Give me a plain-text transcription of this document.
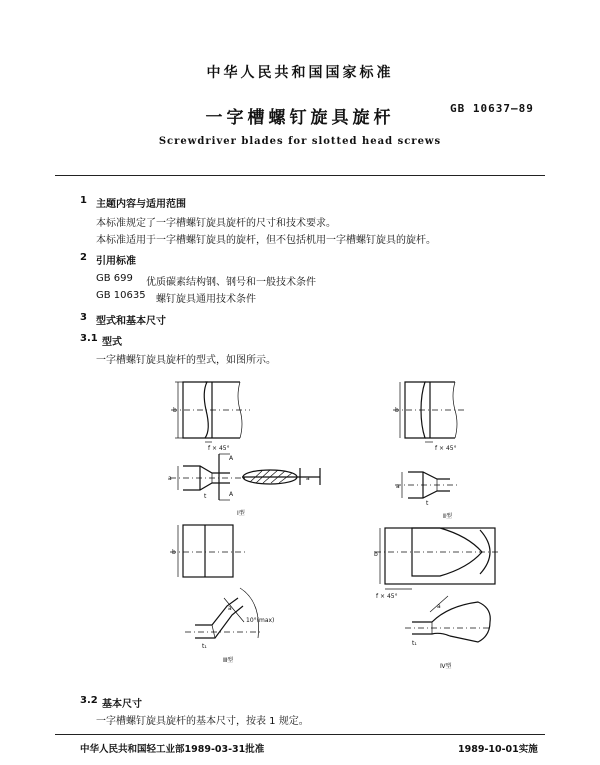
中华人民共和国国家标准
一字槽螺钉旋具旋杆	GB 10637—89
Screwdriver blades for slotted head screws
1 主题内容与适用范围
本标准规定了一字槽螺钉旋具旋杆的尺寸和技术要求。
本标准适用于一字槽螺钉旋具的旋杆，但不包括机用一字槽螺钉旋具的旋杆。
2 引用标准
GB 699 优质碳素结构钢、钢号和一般技术条件
GB 10635 螺钉旋具通用技术条件
3 型式和基本尺寸
3.1 型式
一字槽螺钉旋具旋杆的型式，如图所示。
b
f × 45°
A
A
a
t
a
Ⅰ型
b
f × 45°
a
t
Ⅱ型
b
10°(max)
t₁
a
Ⅲ型
b
f × 45°
a
t₁
Ⅳ型
3.2 基本尺寸
一字槽螺钉旋具旋杆的基本尺寸，按表 1 规定。
中华人民共和国轻工业部1989-03-31批准	1989-10-01实施
